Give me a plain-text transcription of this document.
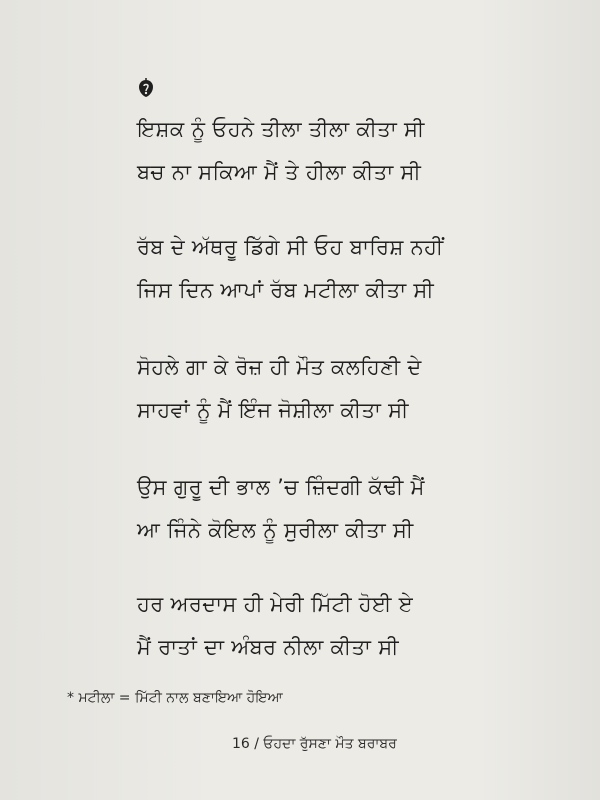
ਇਸ਼ਕ ਨੂੰ ਓਹਨੇ ਤੀਲਾ ਤੀਲਾ ਕੀਤਾ ਸੀ
ਬਚ ਨਾ ਸਕਿਆ ਮੈਂ ਤੇ ਹੀਲਾ ਕੀਤਾ ਸੀ
ਰੱਬ ਦੇ ਅੱਥਰੂ ਡਿੱਗੇ ਸੀ ਓਹ ਬਾਰਿਸ਼ ਨਹੀਂ
ਜਿਸ ਦਿਨ ਆਪਾਂ ਰੱਬ ਮਟੀਲਾ ਕੀਤਾ ਸੀ
ਸੋਹਲੇ ਗਾ ਕੇ ਰੋਜ਼ ਹੀ ਮੌਤ ਕਲਹਿਣੀ ਦੇ
ਸਾਹਵਾਂ ਨੂੰ ਮੈਂ ਇੰਜ ਜੋਸ਼ੀਲਾ ਕੀਤਾ ਸੀ
ਉਸ ਗੁਰੂ ਦੀ ਭਾਲ ’ਚ ਜ਼ਿੰਦਗੀ ਕੱਢੀ ਮੈਂ
ਆ ਜਿੰਨੇ ਕੋਇਲ ਨੂੰ ਸੁਰੀਲਾ ਕੀਤਾ ਸੀ
ਹਰ ਅਰਦਾਸ ਹੀ ਮੇਰੀ ਮਿੱਟੀ ਹੋਈ ਏ
ਮੈਂ ਰਾਤਾਂ ਦਾ ਅੰਬਰ ਨੀਲਾ ਕੀਤਾ ਸੀ
* ਮਟੀਲਾ = ਮਿੱਟੀ ਨਾਲ ਬਣਾਇਆ ਹੋਇਆ
16 / ਓਹਦਾ ਰੁੱਸਣਾ ਮੌਤ ਬਰਾਬਰ
